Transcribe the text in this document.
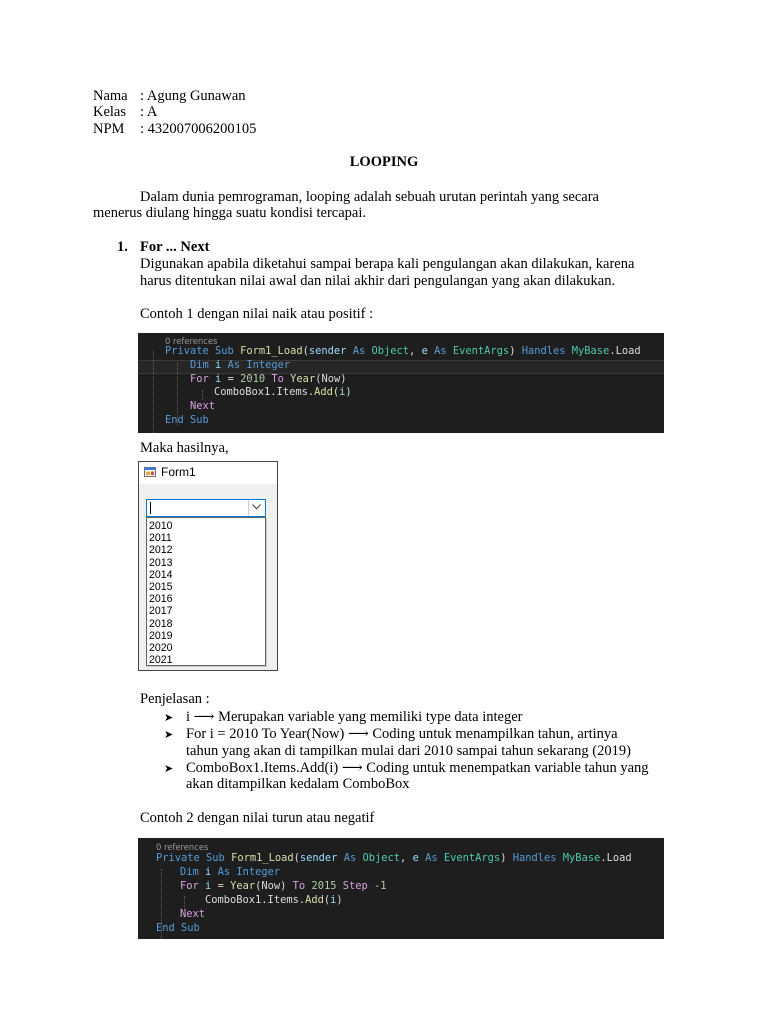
Nama : Agung Gunawan
Kelas : A
NPM : 432007006200105
LOOPING
Dalam dunia pemrograman, looping adalah sebuah urutan perintah yang secara
menerus diulang hingga suatu kondisi tercapai.
1. For ... Next
Digunakan apabila diketahui sampai berapa kali pengulangan akan dilakukan, karena
harus ditentukan nilai awal dan nilai akhir dari pengulangan yang akan dilakukan.
Contoh 1 dengan nilai naik atau positif :
0 references
Private Sub Form1_Load(sender As Object, e As EventArgs) Handles MyBase.Load
Dim i As Integer
For i = 2010 To Year(Now)
ComboBox1.Items.Add(i)
Next
End Sub
Maka hasilnya,
Form1
2010
2011
2012
2013
2014
2015
2016
2017
2018
2019
2020
2021
Penjelasan :
➤ i ⟶ Merupakan variable yang memiliki type data integer
➤ For i = 2010 To Year(Now) ⟶ Coding untuk menampilkan tahun, artinya
tahun yang akan di tampilkan mulai dari 2010 sampai tahun sekarang (2019)
➤ ComboBox1.Items.Add(i) ⟶ Coding untuk menempatkan variable tahun yang
akan ditampilkan kedalam ComboBox
Contoh 2 dengan nilai turun atau negatif
0 references
Private Sub Form1_Load(sender As Object, e As EventArgs) Handles MyBase.Load
Dim i As Integer
For i = Year(Now) To 2015 Step -1
ComboBox1.Items.Add(i)
Next
End Sub
